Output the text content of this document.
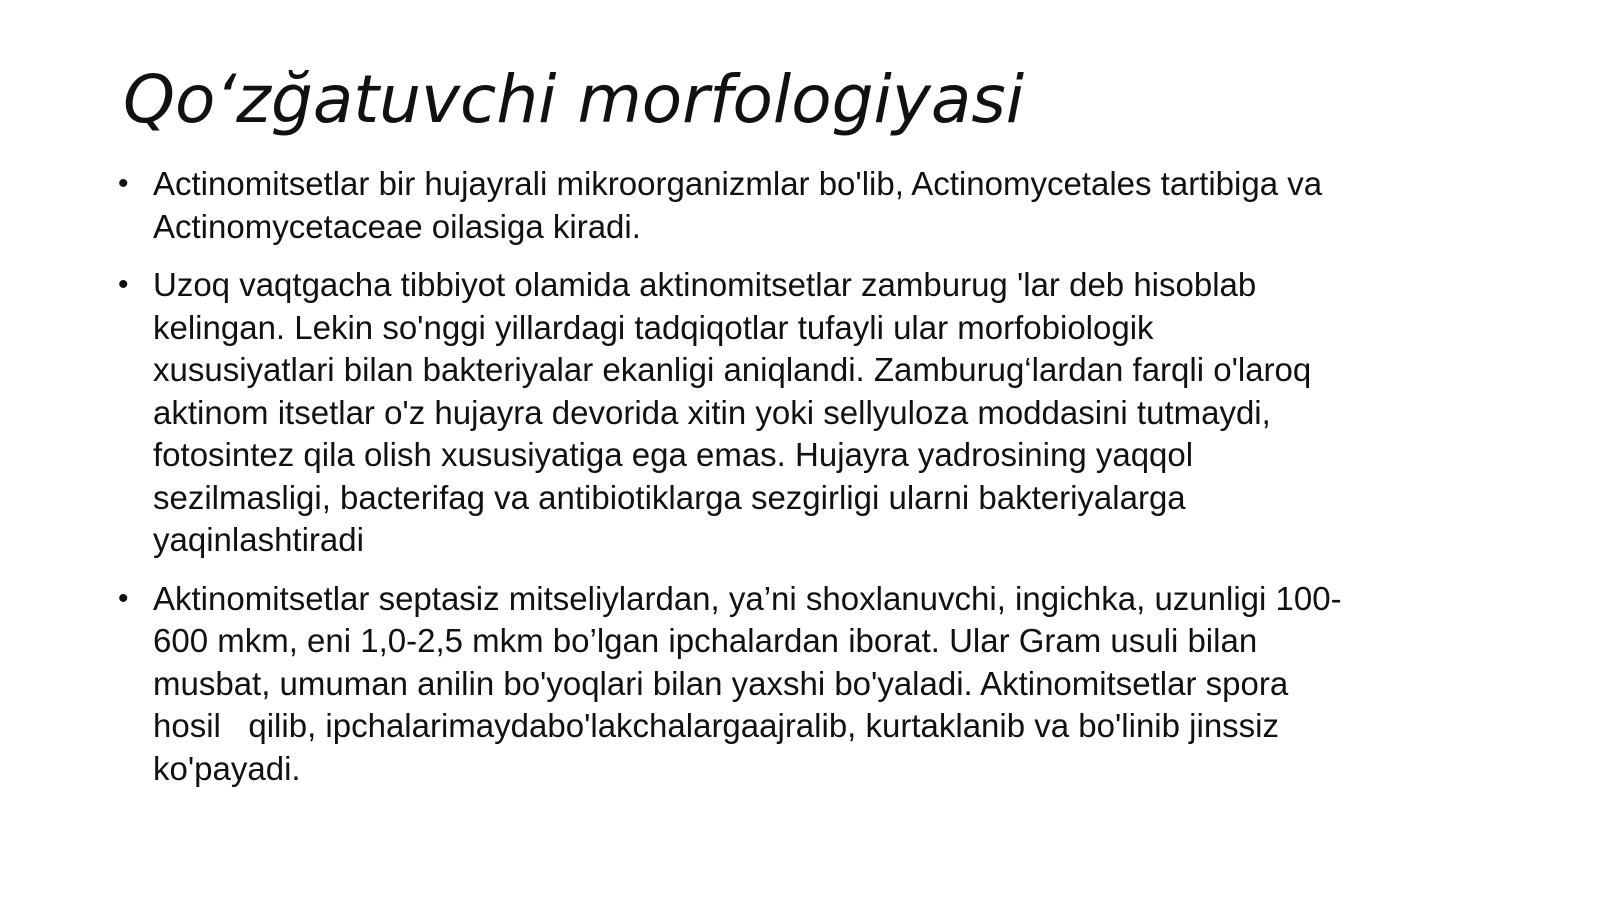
Qo‘zğatuvchi morfologiyasi
• Actinomitsetlar bir hujayrali mikroorganizmlar bo'lib, Actinomycetales tartibiga va
Actinomycetaceae oilasiga kiradi.
• Uzoq vaqtgacha tibbiyot olamida aktinomitsetlar zamburug 'lar deb hisoblab
kelingan. Lekin so'nggi yillardagi tadqiqotlar tufayli ular morfobiologik
xususiyatlari bilan bakteriyalar ekanligi aniqlandi. Zamburug‘lardan farqli o'laroq
aktinom itsetlar o'z hujayra devorida xitin yoki sellyuloza moddasini tutmaydi,
fotosintez qila olish xususiyatiga ega emas. Hujayra yadrosining yaqqol
sezilmasligi, bacterifag va antibiotiklarga sezgirligi ularni bakteriyalarga
yaqinlashtiradi
• Aktinomitsetlar septasiz mitseliylardan, ya’ni shoxlanuvchi, ingichka, uzunligi 100-
600 mkm, eni 1,0-2,5 mkm bo’lgan ipchalardan iborat. Ular Gram usuli bilan
musbat, umuman anilin bo'yoqlari bilan yaxshi bo'yaladi. Aktinomitsetlar spora
hosil   qilib, ipchalarimaydabo'lakchalargaajralib, kurtaklanib va bo'linib jinssiz
ko'payadi.
